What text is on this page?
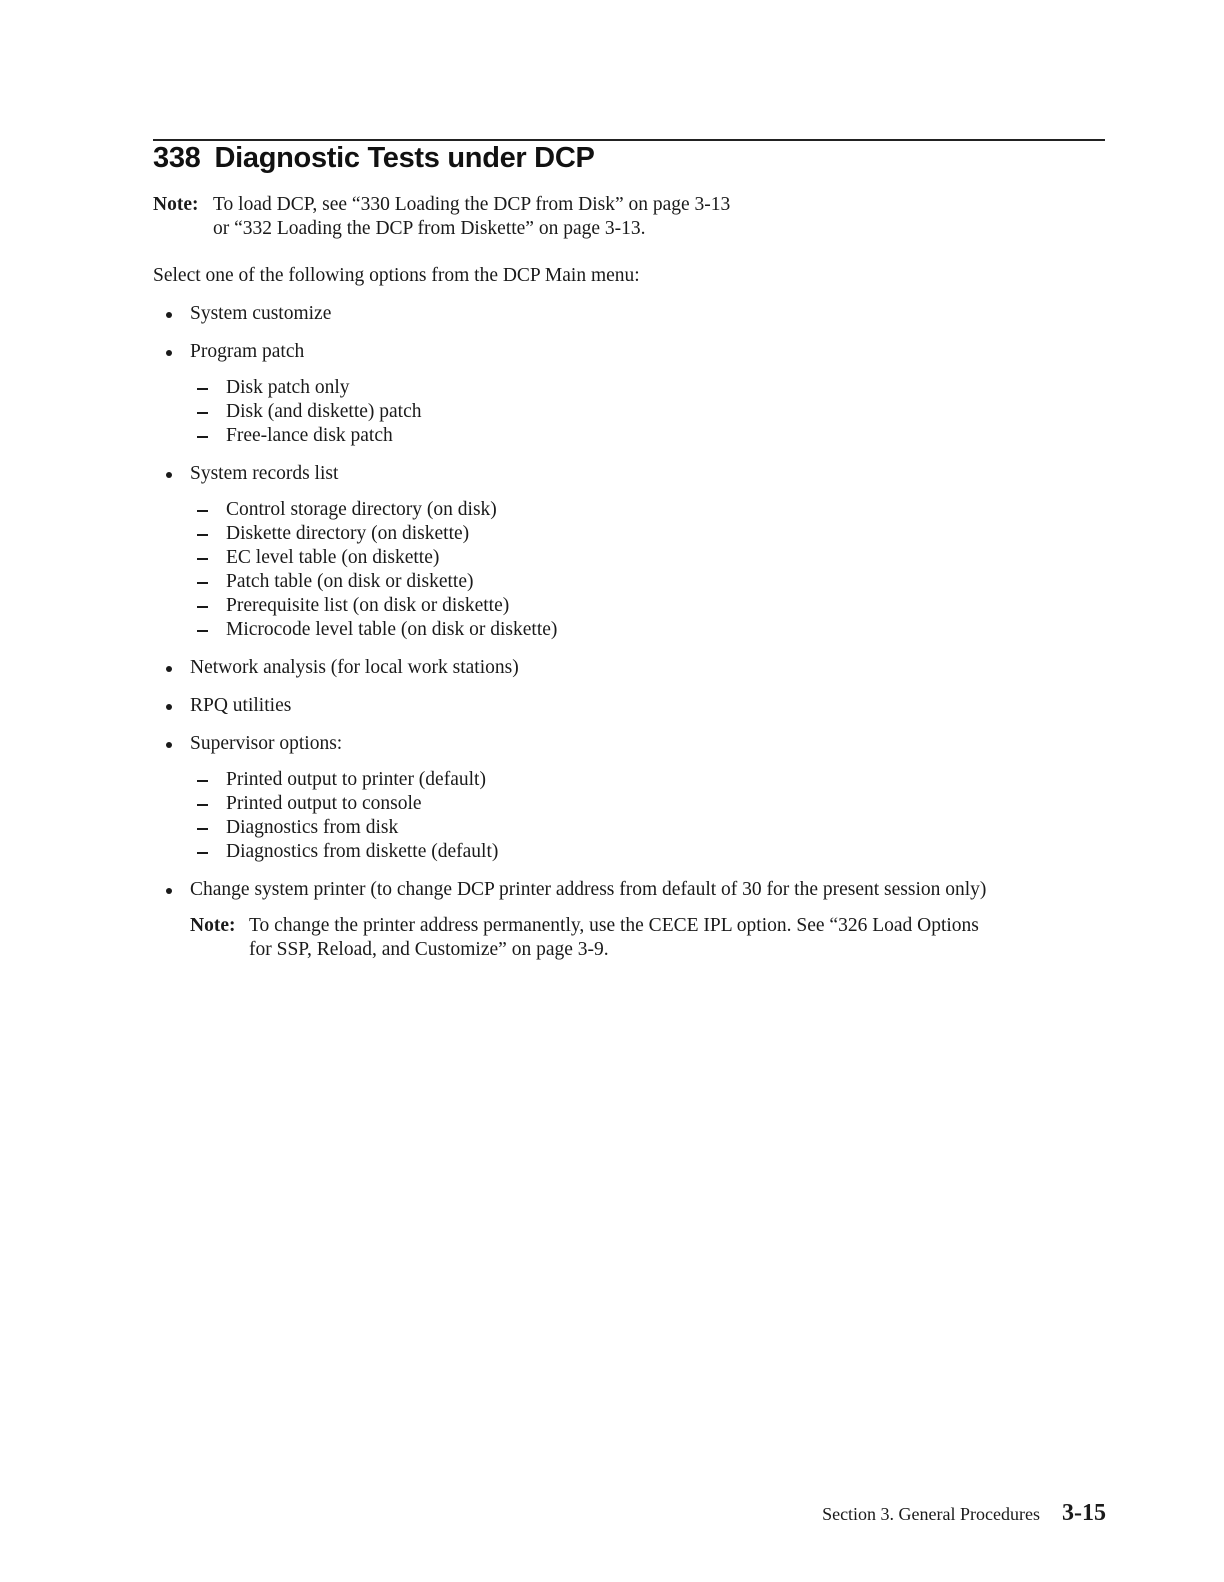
338 Diagnostic Tests under DCP
Note: To load DCP, see “330 Loading the DCP from Disk” on page 3-13
or “332 Loading the DCP from Diskette” on page 3-13.
Select one of the following options from the DCP Main menu:
System customize
Program patch
Disk patch only
Disk (and diskette) patch
Free-lance disk patch
System records list
Control storage directory (on disk)
Diskette directory (on diskette)
EC level table (on diskette)
Patch table (on disk or diskette)
Prerequisite list (on disk or diskette)
Microcode level table (on disk or diskette)
Network analysis (for local work stations)
RPQ utilities
Supervisor options:
Printed output to printer (default)
Printed output to console
Diagnostics from disk
Diagnostics from diskette (default)
Change system printer (to change DCP printer address from default of 30 for the present session only)
Note: To change the printer address permanently, use the CECE IPL option. See “326 Load Options
for SSP, Reload, and Customize” on page 3-9.
Section 3. General Procedures 3-15
